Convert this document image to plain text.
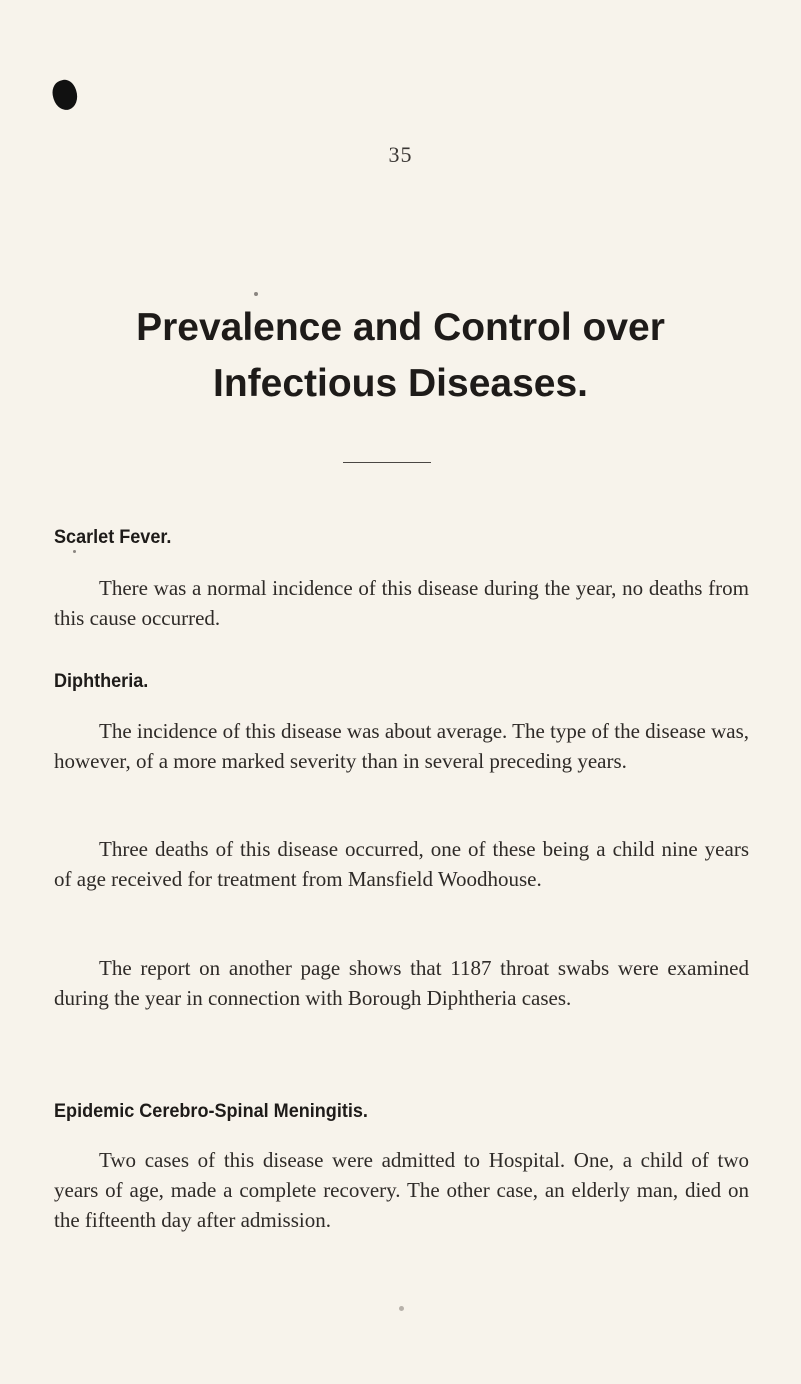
35
Prevalence and Control over
Infectious Diseases.
Scarlet Fever.
There was a normal incidence of this disease during the year, no deaths from this cause occurred.
Diphtheria.
The incidence of this disease was about average. The type of the disease was, however, of a more marked severity than in several preceding years.
Three deaths of this disease occurred, one of these being a child nine years of age received for treatment from Mansfield Woodhouse.
The report on another page shows that 1187 throat swabs were examined during the year in connection with Borough Diphtheria cases.
Epidemic Cerebro-Spinal Meningitis.
Two cases of this disease were admitted to Hospital. One, a child of two years of age, made a complete recovery. The other case, an elderly man, died on the fifteenth day after admission.
